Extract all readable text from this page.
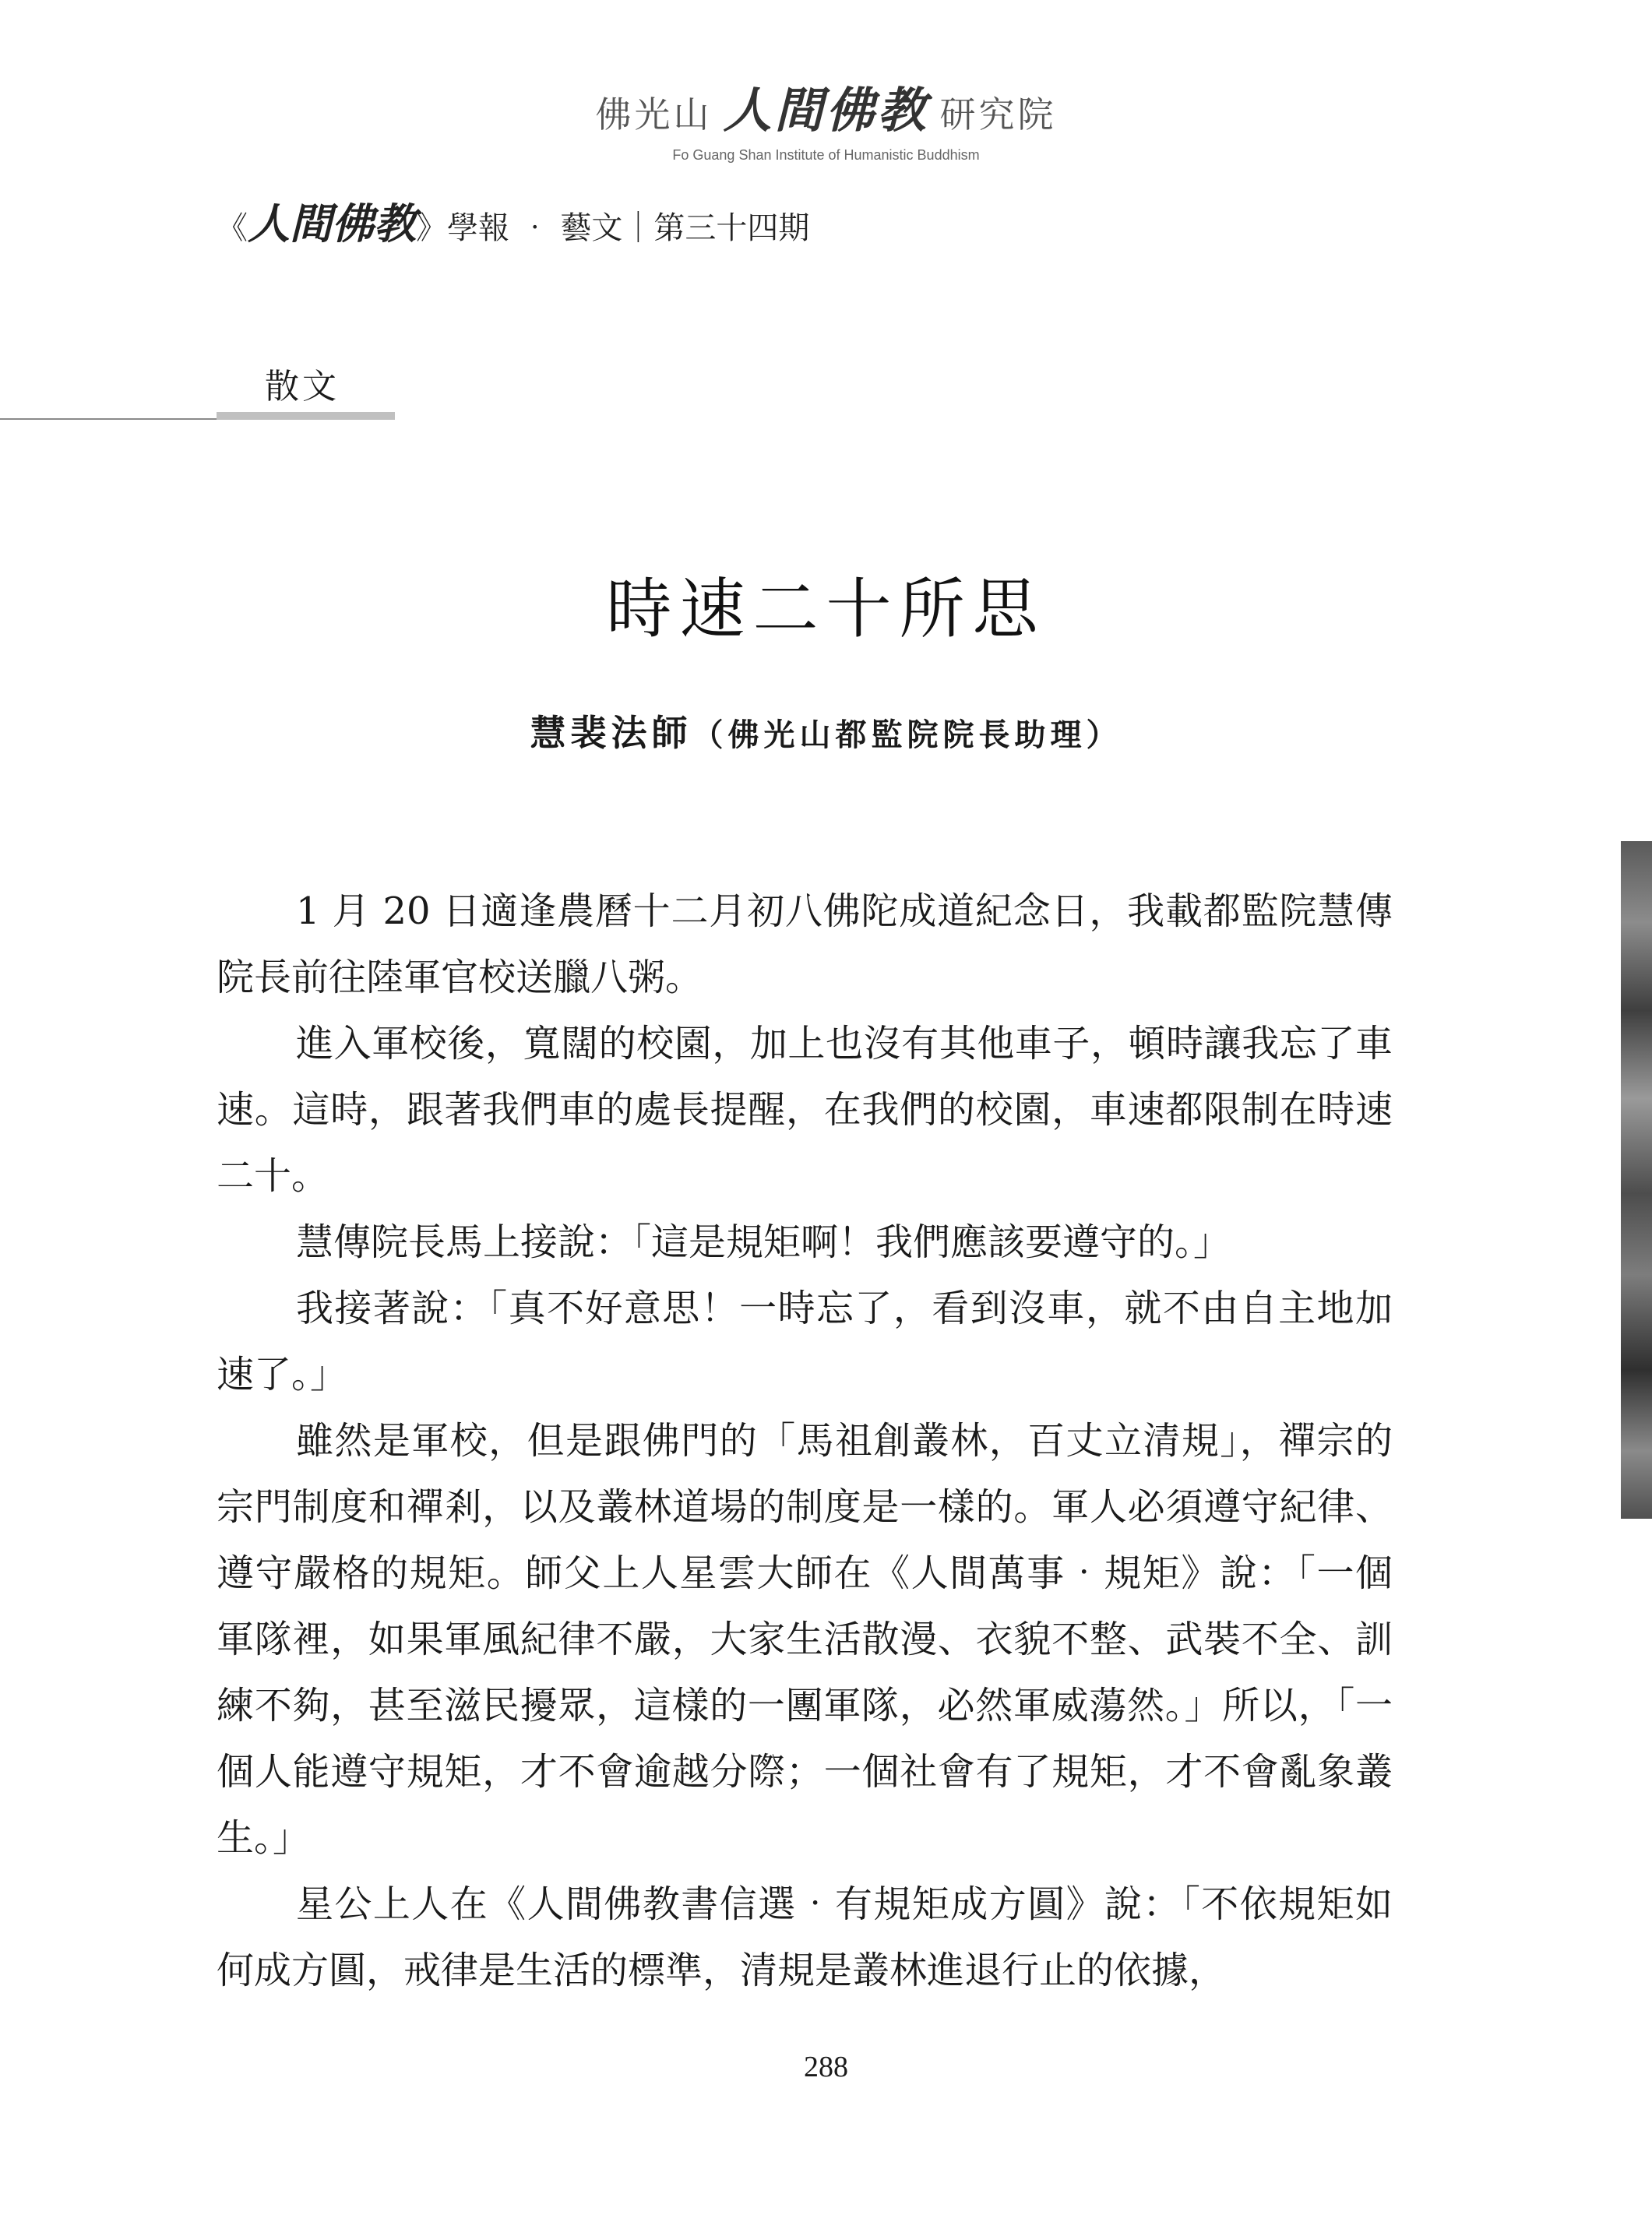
佛光山 人間佛教 研究院
Fo Guang Shan Institute of Humanistic Buddhism
《人間佛教》學報 ‧ 藝文｜第三十四期
散文
時速二十所思
慧裴法師（佛光山都監院院長助理）

1 月 20 日適逢農曆十二月初八佛陀成道紀念日，我載都監院慧傳院長前往陸軍官校送臘八粥。

進入軍校後，寬闊的校園，加上也沒有其他車子，頓時讓我忘了車速。這時，跟著我們車的處長提醒，在我們的校園，車速都限制在時速二十。

慧傳院長馬上接說：「這是規矩啊！我們應該要遵守的。」

我接著說：「真不好意思！一時忘了，看到沒車，就不由自主地加速了。」

雖然是軍校，但是跟佛門的「馬祖創叢林，百丈立清規」，禪宗的宗門制度和禪剎，以及叢林道場的制度是一樣的。軍人必須遵守紀律、遵守嚴格的規矩。師父上人星雲大師在《人間萬事‧規矩》說：「一個軍隊裡，如果軍風紀律不嚴，大家生活散漫、衣貌不整、武裝不全、訓練不夠，甚至滋民擾眾，這樣的一團軍隊，必然軍威蕩然。」所以，「一個人能遵守規矩，才不會逾越分際；一個社會有了規矩，才不會亂象叢生。」

星公上人在《人間佛教書信選‧有規矩成方圓》說：「不依規矩如何成方圓，戒律是生活的標準，清規是叢林進退行止的依據，

288
